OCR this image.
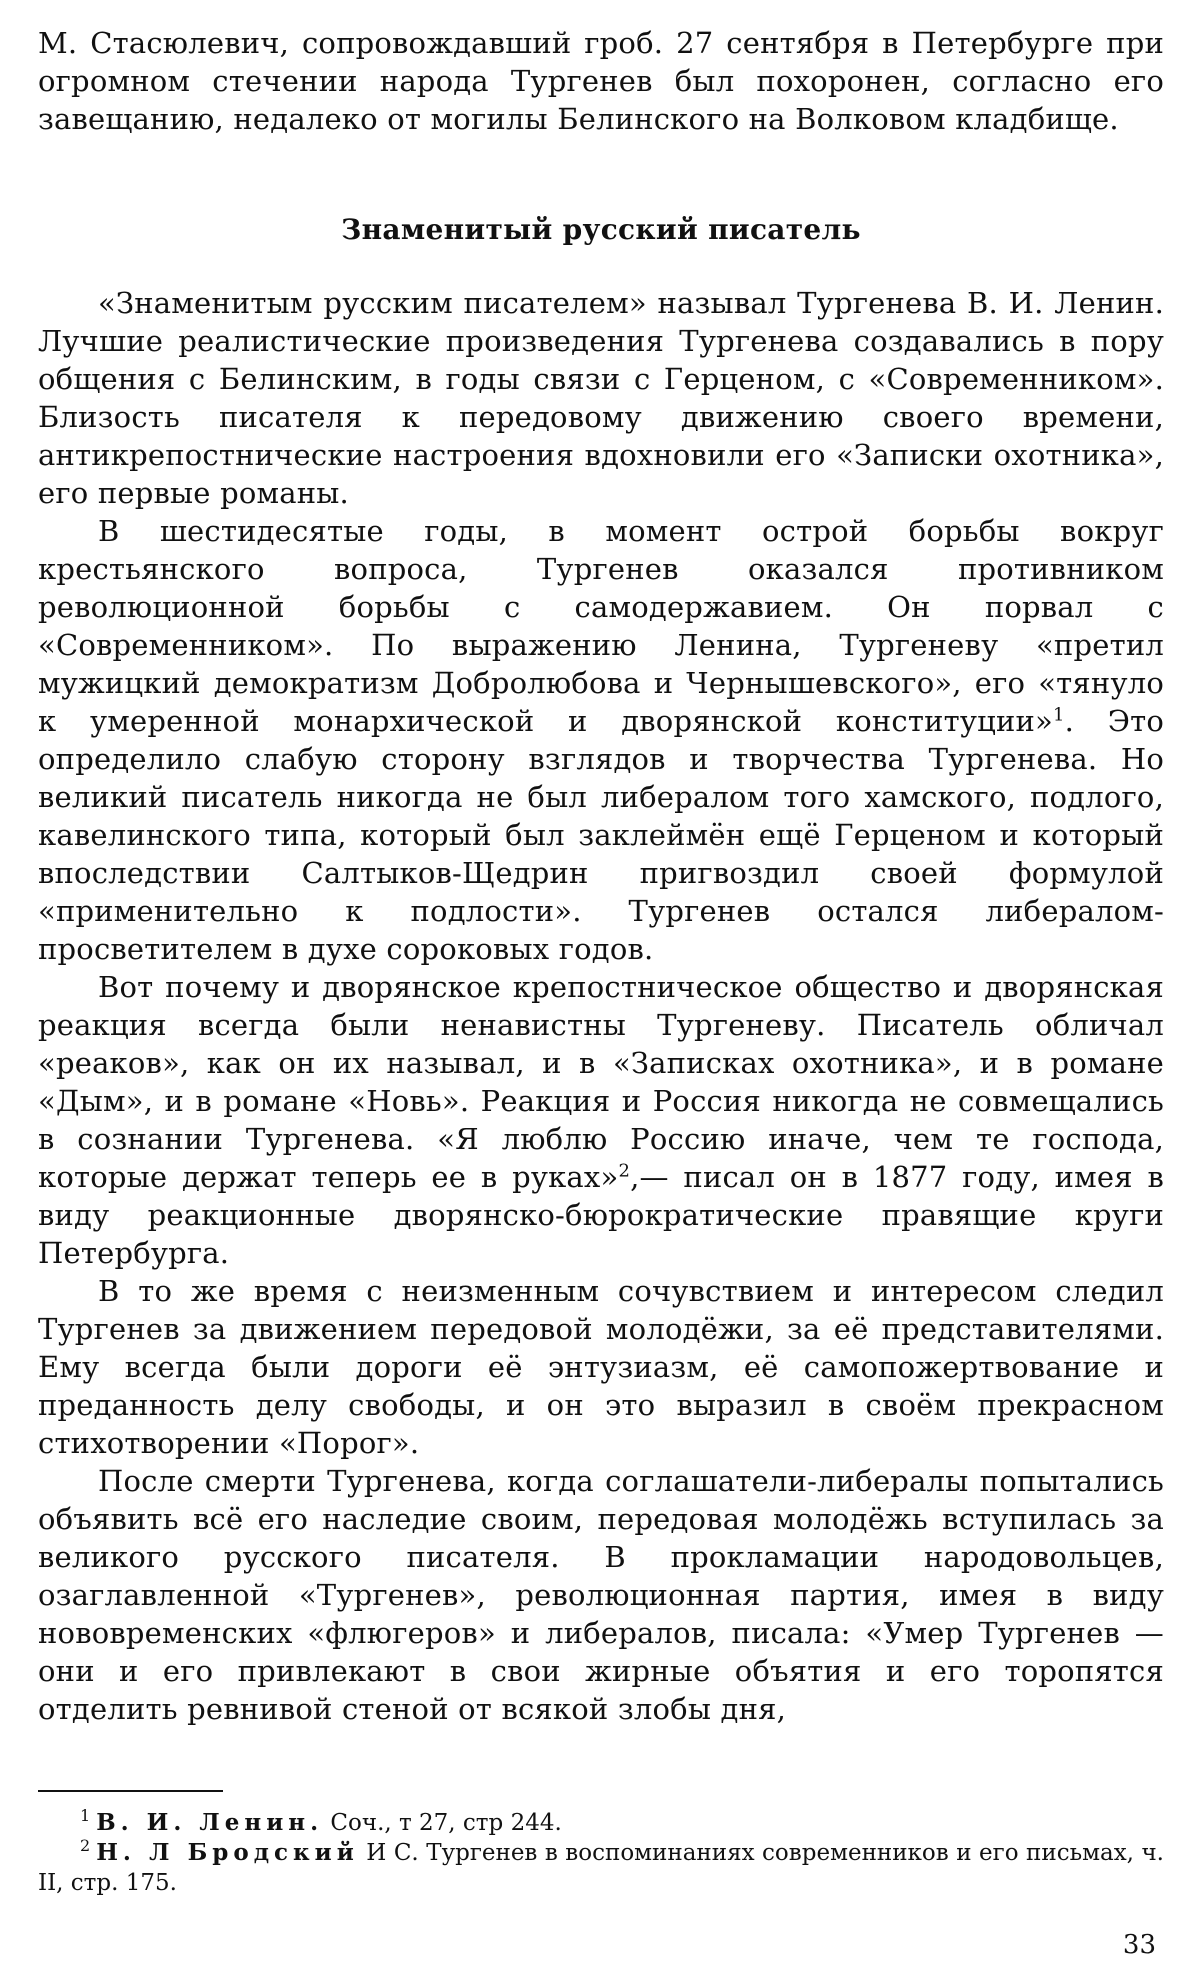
М. Стасюлевич, сопровождавший гроб. 27 сентября в Петербурге при огромном стечении народа Тургенев был похоронен, согласно его завещанию, недалеко от могилы Белинского на Волковом кладбище.

Знаменитый русский писатель

«Знаменитым русским писателем» называл Тургенева В. И. Ленин. Лучшие реалистические произведения Тургенева создавались в пору общения с Белинским, в годы связи с Герценом, с «Современником». Близость писателя к передовому движению своего времени, антикрепостнические настроения вдохновили его «Записки охотника», его первые романы.

В шестидесятые годы, в момент острой борьбы вокруг крестьянского вопроса, Тургенев оказался противником революционной борьбы с самодержавием. Он порвал с «Современником». По выражению Ленина, Тургеневу «претил мужицкий демократизм Добролюбова и Чернышевского», его «тянуло к умеренной монархической и дворянской конституции»$^1$. Это определило слабую сторону взглядов и творчества Тургенева. Но великий писатель никогда не был либералом того хамского, подлого, кавелинского типа, который был заклеймён ещё Герценом и который впоследствии Салтыков-Щедрин пригвоздил своей формулой «применительно к подлости». Тургенев остался либералом-просветителем в духе сороковых годов.

Вот почему и дворянское крепостническое общество и дворянская реакция всегда были ненавистны Тургеневу. Писатель обличал «реаков», как он их называл, и в «Записках охотника», и в романе «Дым», и в романе «Новь». Реакция и Россия никогда не совмещались в сознании Тургенева. «Я люблю Россию иначе, чем те господа, которые держат теперь ее в руках»$^2$,— писал он в 1877 году, имея в виду реакционные дворянско-бюрократические правящие круги Петербурга.

В то же время с неизменным сочувствием и интересом следил Тургенев за движением передовой молодёжи, за её представителями. Ему всегда были дороги её энтузиазм, её самопожертвование и преданность делу свободы, и он это выразил в своём прекрасном стихотворении «Порог».

После смерти Тургенева, когда соглашатели-либералы попытались объявить всё его наследие своим, передовая молодёжь вступилась за великого русского писателя. В прокламации народовольцев, озаглавленной «Тургенев», революционная партия, имея в виду нововременских «флюгеров» и либералов, писала: «Умер Тургенев — они и его привлекают в свои жирные объятия и его торопятся отделить ревнивой стеной от всякой злобы дня,

$^1$ В. И. Ленин. Соч., т 27, стр 244.

$^2$ Н. Л Бродский И С. Тургенев в воспоминаниях современников и его письмах, ч. II, стр. 175.

33
